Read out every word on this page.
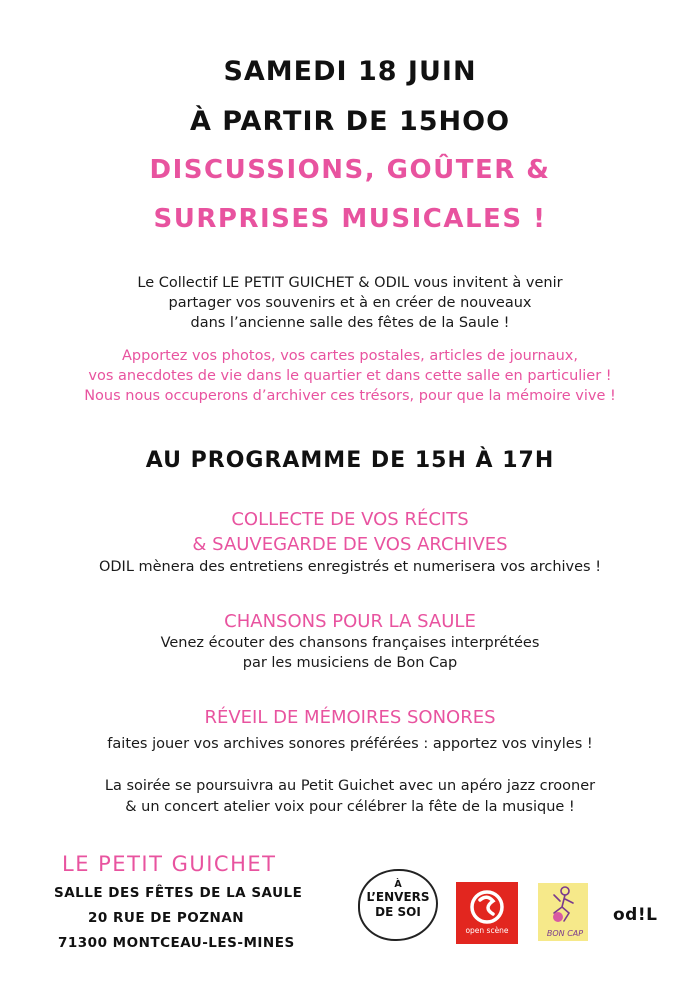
SAMEDI 18 JUIN
À PARTIR DE 15HOO
DISCUSSIONS, GOÛTER &
SURPRISES MUSICALES !
Le Collectif LE PETIT GUICHET & ODIL vous invitent à venir
partager vos souvenirs et à en créer de nouveaux
dans l’ancienne salle des fêtes de la Saule !
Apportez vos photos, vos cartes postales, articles de journaux,
vos anecdotes de vie dans le quartier et dans cette salle en particulier !
Nous nous occuperons d’archiver ces trésors, pour que la mémoire vive !
AU PROGRAMME DE 15H À 17H
COLLECTE DE VOS RÉCITS
& SAUVEGARDE DE VOS ARCHIVES
ODIL mènera des entretiens enregistrés et numerisera vos archives !
CHANSONS POUR LA SAULE
Venez écouter des chansons françaises interprétées
par les musiciens de Bon Cap
RÉVEIL DE MÉMOIRES SONORES
faites jouer vos archives sonores préférées : apportez vos vinyles !
La soirée se poursuivra au Petit Guichet avec un apéro jazz crooner
& un concert atelier voix pour célébrer la fête de la musique !
LE PETIT GUICHET
SALLE DES FÊTES DE LA SAULE
20 RUE DE POZNAN
71300 MONTCEAU-LES-MINES
À
L’ENVERS
DE SOI
open scène	BON CAP
od!L
